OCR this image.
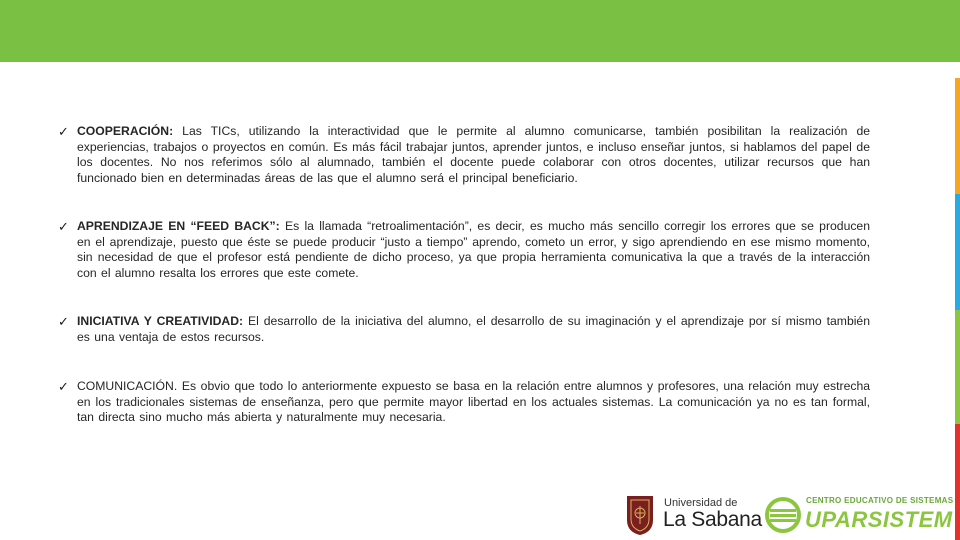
✓ COOPERACIÓN: Las TICs, utilizando la interactividad que le permite al alumno comunicarse, también posibilitan la realización de experiencias, trabajos o proyectos en común. Es más fácil trabajar juntos, aprender juntos, e incluso enseñar juntos, si hablamos del papel de los docentes. No nos referimos sólo al alumnado, también el docente puede colaborar con otros docentes, utilizar recursos que han funcionado bien en determinadas áreas de las que el alumno será el principal beneficiario.

✓ APRENDIZAJE EN “FEED BACK”: Es la llamada “retroalimentación”, es decir, es mucho más sencillo corregir los errores que se producen en el aprendizaje, puesto que éste se puede producir “justo a tiempo” aprendo, cometo un error, y sigo aprendiendo en ese mismo momento, sin necesidad de que el profesor está pendiente de dicho proceso, ya que propia herramienta comunicativa la que a través de la interacción con el alumno resalta los errores que este comete.

✓ INICIATIVA Y CREATIVIDAD: El desarrollo de la iniciativa del alumno, el desarrollo de su imaginación y el aprendizaje por sí mismo también es una ventaja de estos recursos.

✓ COMUNICACIÓN. Es obvio que todo lo anteriormente expuesto se basa en la relación entre alumnos y profesores, una relación muy estrecha en los tradicionales sistemas de enseñanza, pero que permite mayor libertad en los actuales sistemas. La comunicación ya no es tan formal, tan directa sino mucho más abierta y naturalmente muy necesaria.

Universidad de
La Sabana
CENTRO EDUCATIVO DE SISTEMAS
UPARSISTEM
